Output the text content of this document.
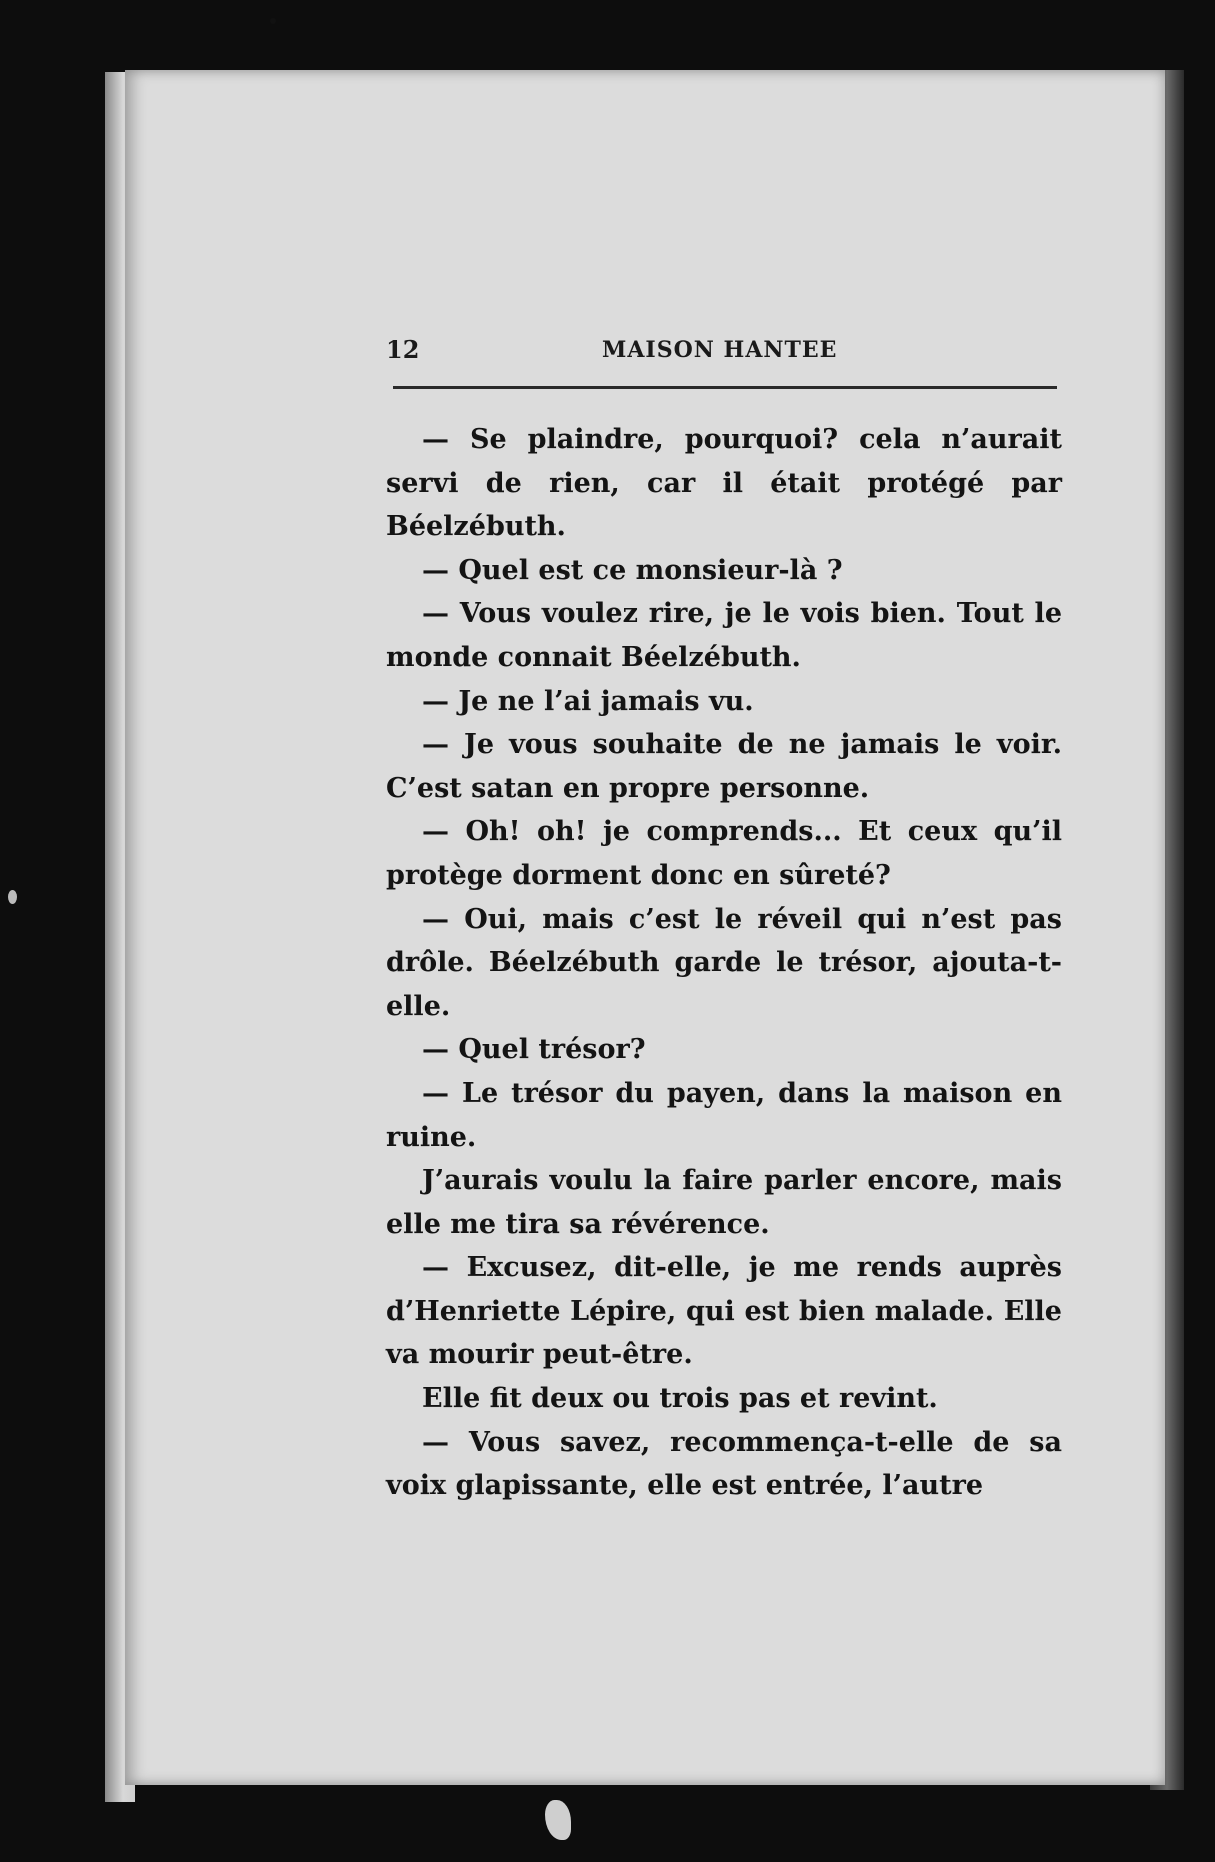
12	MAISON HANTEE

— Se plaindre, pourquoi? cela n’aurait servi de rien, car il était protégé par Béelzébuth.

— Quel est ce monsieur-là ?

— Vous voulez rire, je le vois bien. Tout le monde connait Béelzébuth.

— Je ne l’ai jamais vu.

— Je vous souhaite de ne jamais le voir. C’est satan en propre personne.

— Oh! oh! je comprends... Et ceux qu’il protège dorment donc en sûreté?

— Oui, mais c’est le réveil qui n’est pas drôle. Béelzébuth garde le trésor, ajouta-t-elle.

— Quel trésor?

— Le trésor du payen, dans la maison en ruine.

J’aurais voulu la faire parler encore, mais elle me tira sa révérence.

— Excusez, dit-elle, je me rends auprès d’Henriette Lépire, qui est bien malade. Elle va mourir peut-être.

Elle fit deux ou trois pas et revint.

— Vous savez, recommença-t-elle de sa voix glapissante, elle est entrée, l’autre
